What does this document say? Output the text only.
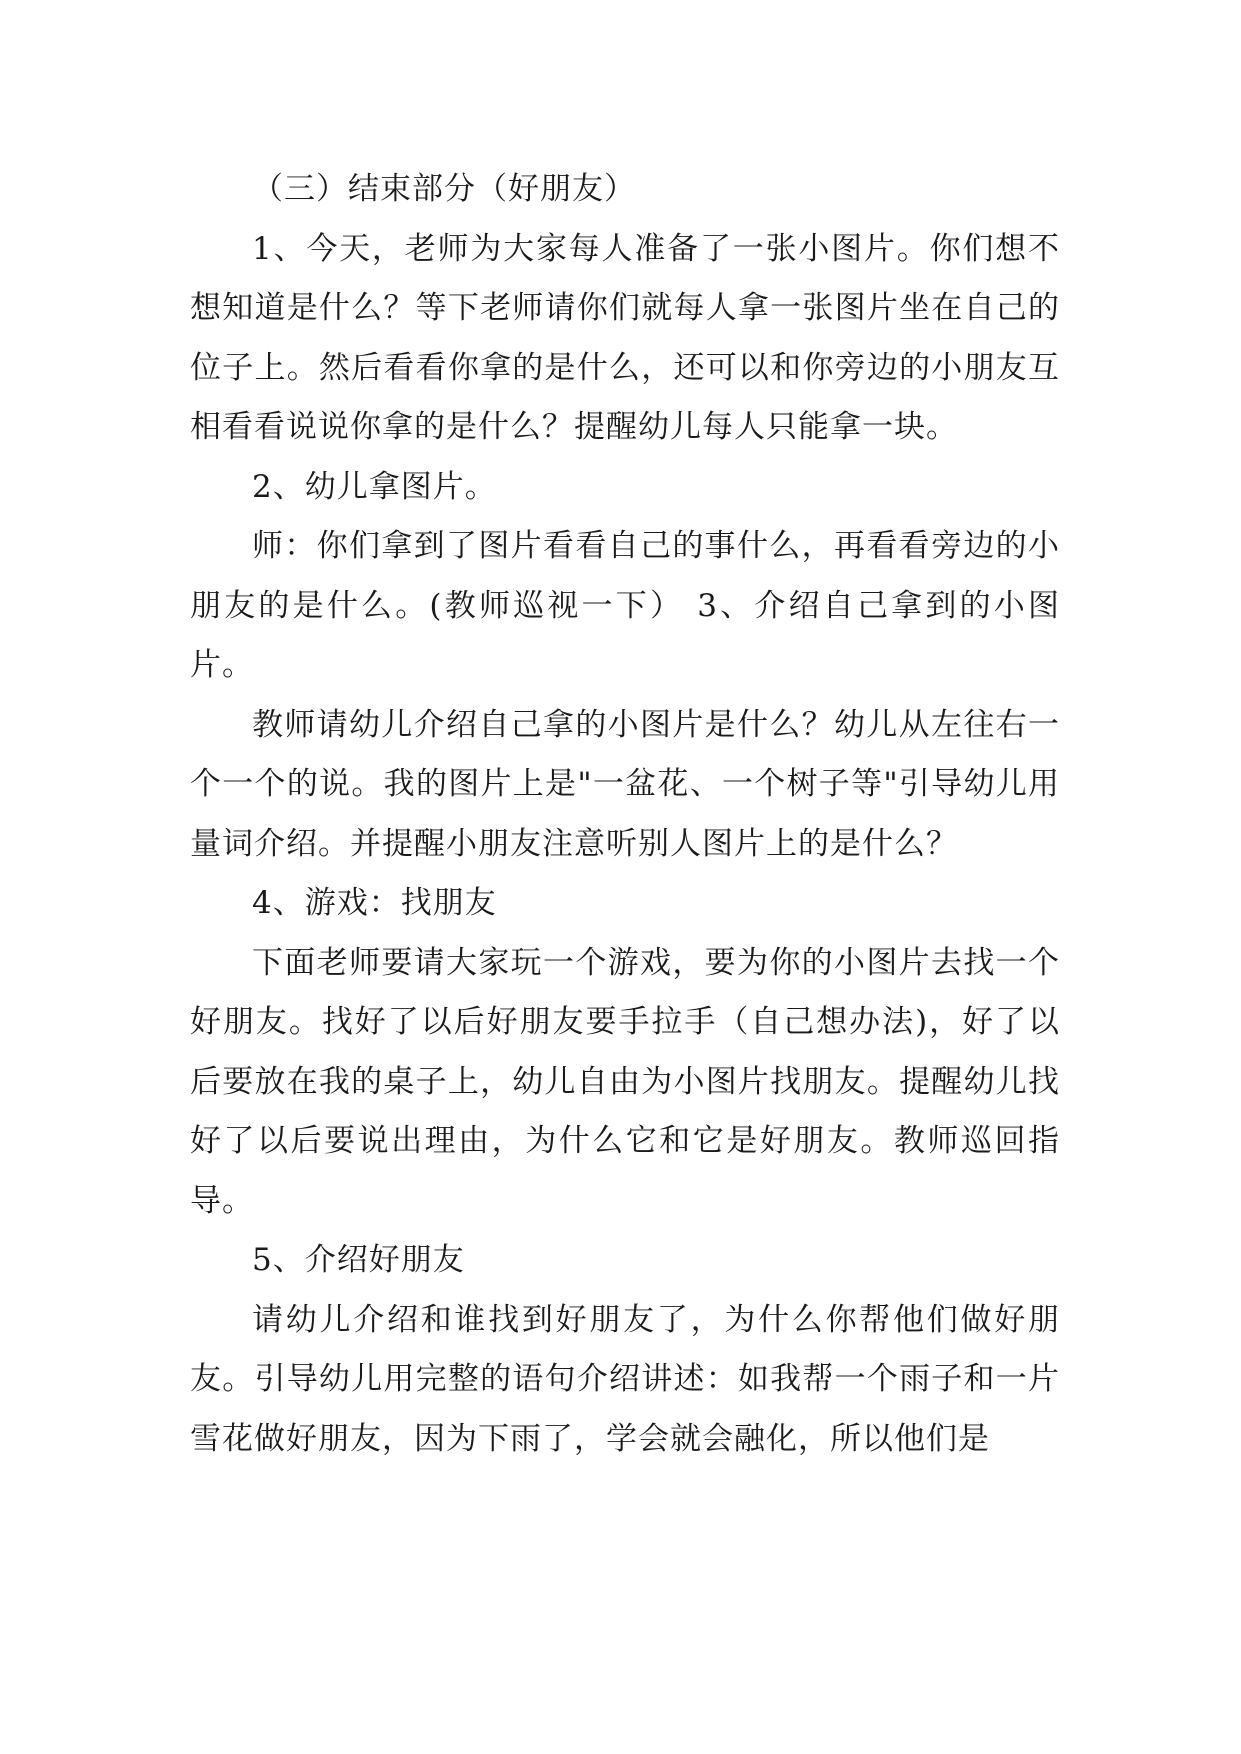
（三）结束部分（好朋友）

1、今天，老师为大家每人准备了一张小图片。你们想不想知道是什么？等下老师请你们就每人拿一张图片坐在自己的位子上。然后看看你拿的是什么，还可以和你旁边的小朋友互相看看说说你拿的是什么？提醒幼儿每人只能拿一块。

2、幼儿拿图片。

师：你们拿到了图片看看自己的事什么，再看看旁边的小朋友的是什么。(教师巡视一下） 3、介绍自己拿到的小图片。

教师请幼儿介绍自己拿的小图片是什么？幼儿从左往右一个一个的说。我的图片上是"一盆花、一个树子等"引导幼儿用量词介绍。并提醒小朋友注意听别人图片上的是什么？

4、游戏：找朋友

下面老师要请大家玩一个游戏，要为你的小图片去找一个好朋友。找好了以后好朋友要手拉手（自己想办法)，好了以后要放在我的桌子上，幼儿自由为小图片找朋友。提醒幼儿找好了以后要说出理由，为什么它和它是好朋友。教师巡回指导。

5、介绍好朋友

请幼儿介绍和谁找到好朋友了，为什么你帮他们做好朋友。引导幼儿用完整的语句介绍讲述：如我帮一个雨子和一片雪花做好朋友，因为下雨了，学会就会融化，所以他们是
